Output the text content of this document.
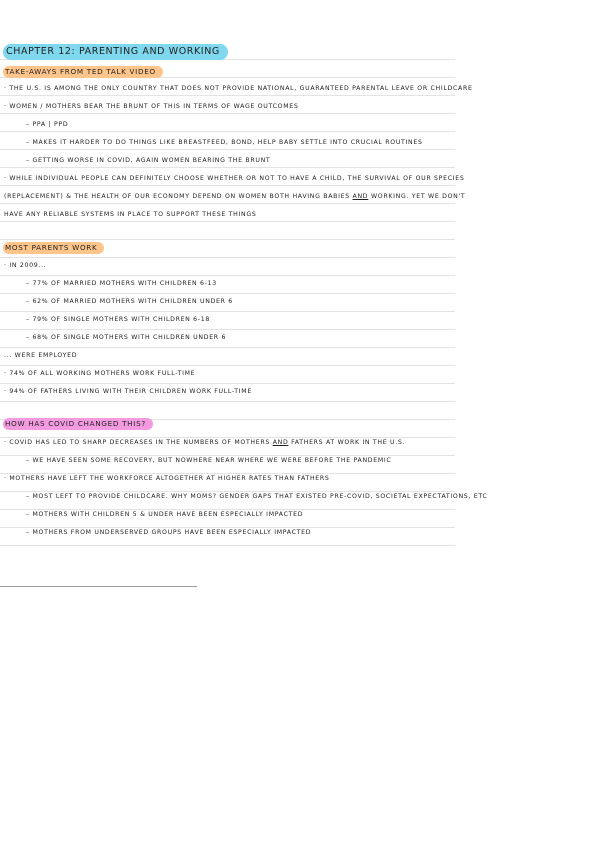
CHAPTER 12: PARENTING AND WORKING
TAKE-AWAYS FROM TED TALK VIDEO
· THE U.S. IS AMONG THE ONLY COUNTRY THAT DOES NOT PROVIDE NATIONAL, GUARANTEED PARENTAL LEAVE OR CHILDCARE
· WOMEN / MOTHERS BEAR THE BRUNT OF THIS IN TERMS OF WAGE OUTCOMES
– PPA | PPD
– MAKES IT HARDER TO DO THINGS LIKE BREASTFEED, BOND, HELP BABY SETTLE INTO CRUCIAL ROUTINES
– GETTING WORSE IN COVID, AGAIN WOMEN BEARING THE BRUNT
· WHILE INDIVIDUAL PEOPLE CAN DEFINITELY CHOOSE WHETHER OR NOT TO HAVE A CHILD, THE SURVIVAL OF OUR SPECIES
(REPLACEMENT) & THE HEALTH OF OUR ECONOMY DEPEND ON WOMEN BOTH HAVING BABIES AND WORKING. YET WE DON'T
HAVE ANY RELIABLE SYSTEMS IN PLACE TO SUPPORT THESE THINGS
MOST PARENTS WORK
· IN 2009...
– 77% OF MARRIED MOTHERS WITH CHILDREN 6-13
– 62% OF MARRIED MOTHERS WITH CHILDREN UNDER 6
– 79% OF SINGLE MOTHERS WITH CHILDREN 6-18
– 68% OF SINGLE MOTHERS WITH CHILDREN UNDER 6
... WERE EMPLOYED
· 74% OF ALL WORKING MOTHERS WORK FULL-TIME
· 94% OF FATHERS LIVING WITH THEIR CHILDREN WORK FULL-TIME
HOW HAS COVID CHANGED THIS?
· COVID HAS LED TO SHARP DECREASES IN THE NUMBERS OF MOTHERS AND FATHERS AT WORK IN THE U.S.
– WE HAVE SEEN SOME RECOVERY, BUT NOWHERE NEAR WHERE WE WERE BEFORE THE PANDEMIC
· MOTHERS HAVE LEFT THE WORKFORCE ALTOGETHER AT HIGHER RATES THAN FATHERS
– MOST LEFT TO PROVIDE CHILDCARE. WHY MOMS? GENDER GAPS THAT EXISTED PRE-COVID, SOCIETAL EXPECTATIONS, ETC
– MOTHERS WITH CHILDREN 5 & UNDER HAVE BEEN ESPECIALLY IMPACTED
– MOTHERS FROM UNDERSERVED GROUPS HAVE BEEN ESPECIALLY IMPACTED
